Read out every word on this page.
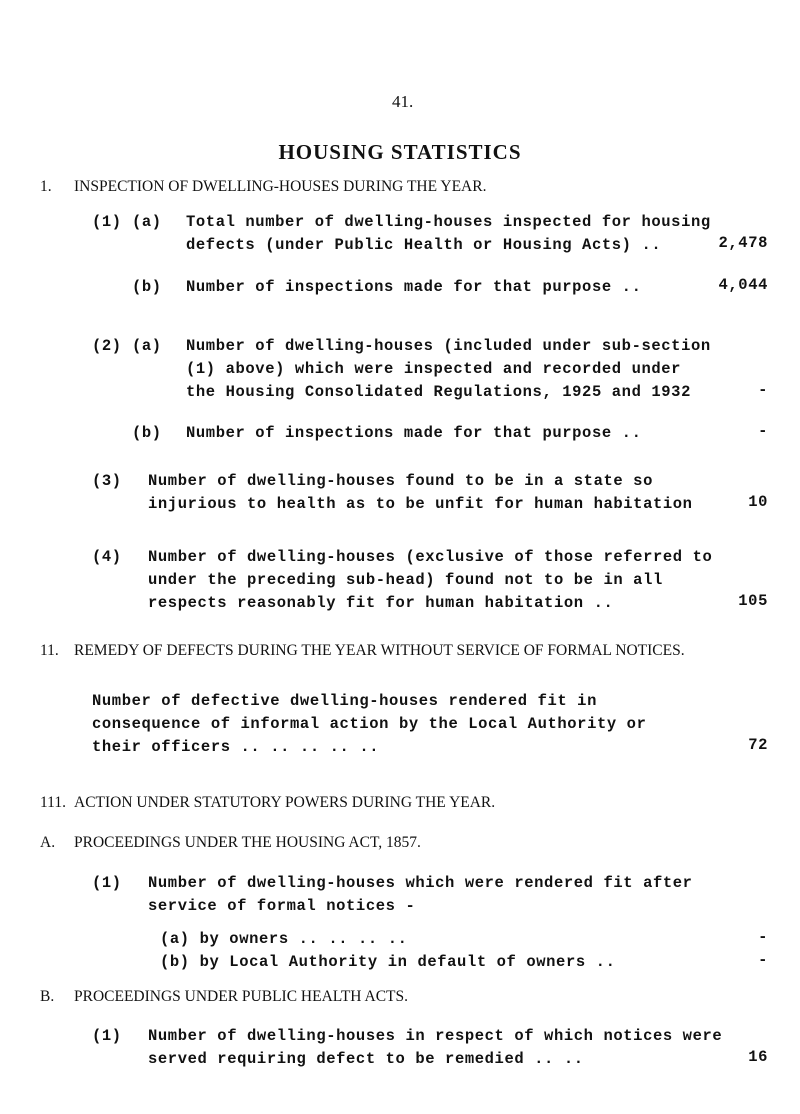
41.
HOUSING STATISTICS
1. INSPECTION OF DWELLING-HOUSES DURING THE YEAR.
(1) (a) Total number of dwelling-houses inspected for housing
defects (under Public Health or Housing Acts) ..	2,478
(b) Number of inspections made for that purpose ..	4,044
(2) (a) Number of dwelling-houses (included under sub-section
(1) above) which were inspected and recorded under
the Housing Consolidated Regulations, 1925 and 1932	-
(b) Number of inspections made for that purpose ..	-
(3) Number of dwelling-houses found to be in a state so
injurious to health as to be unfit for human habitation	10
(4) Number of dwelling-houses (exclusive of those referred to
under the preceding sub-head) found not to be in all
respects reasonably fit for human habitation ..	105
11. REMEDY OF DEFECTS DURING THE YEAR WITHOUT SERVICE OF FORMAL NOTICES.
Number of defective dwelling-houses rendered fit in
consequence of informal action by the Local Authority or
their officers .. .. .. .. ..	72
111. ACTION UNDER STATUTORY POWERS DURING THE YEAR.
A. PROCEEDINGS UNDER THE HOUSING ACT, 1857.
(1) Number of dwelling-houses which were rendered fit after
service of formal notices -
(a) by owners .. .. .. ..	-
(b) by Local Authority in default of owners ..	-
B. PROCEEDINGS UNDER PUBLIC HEALTH ACTS.
(1) Number of dwelling-houses in respect of which notices were
served requiring defect to be remedied .. ..	16
